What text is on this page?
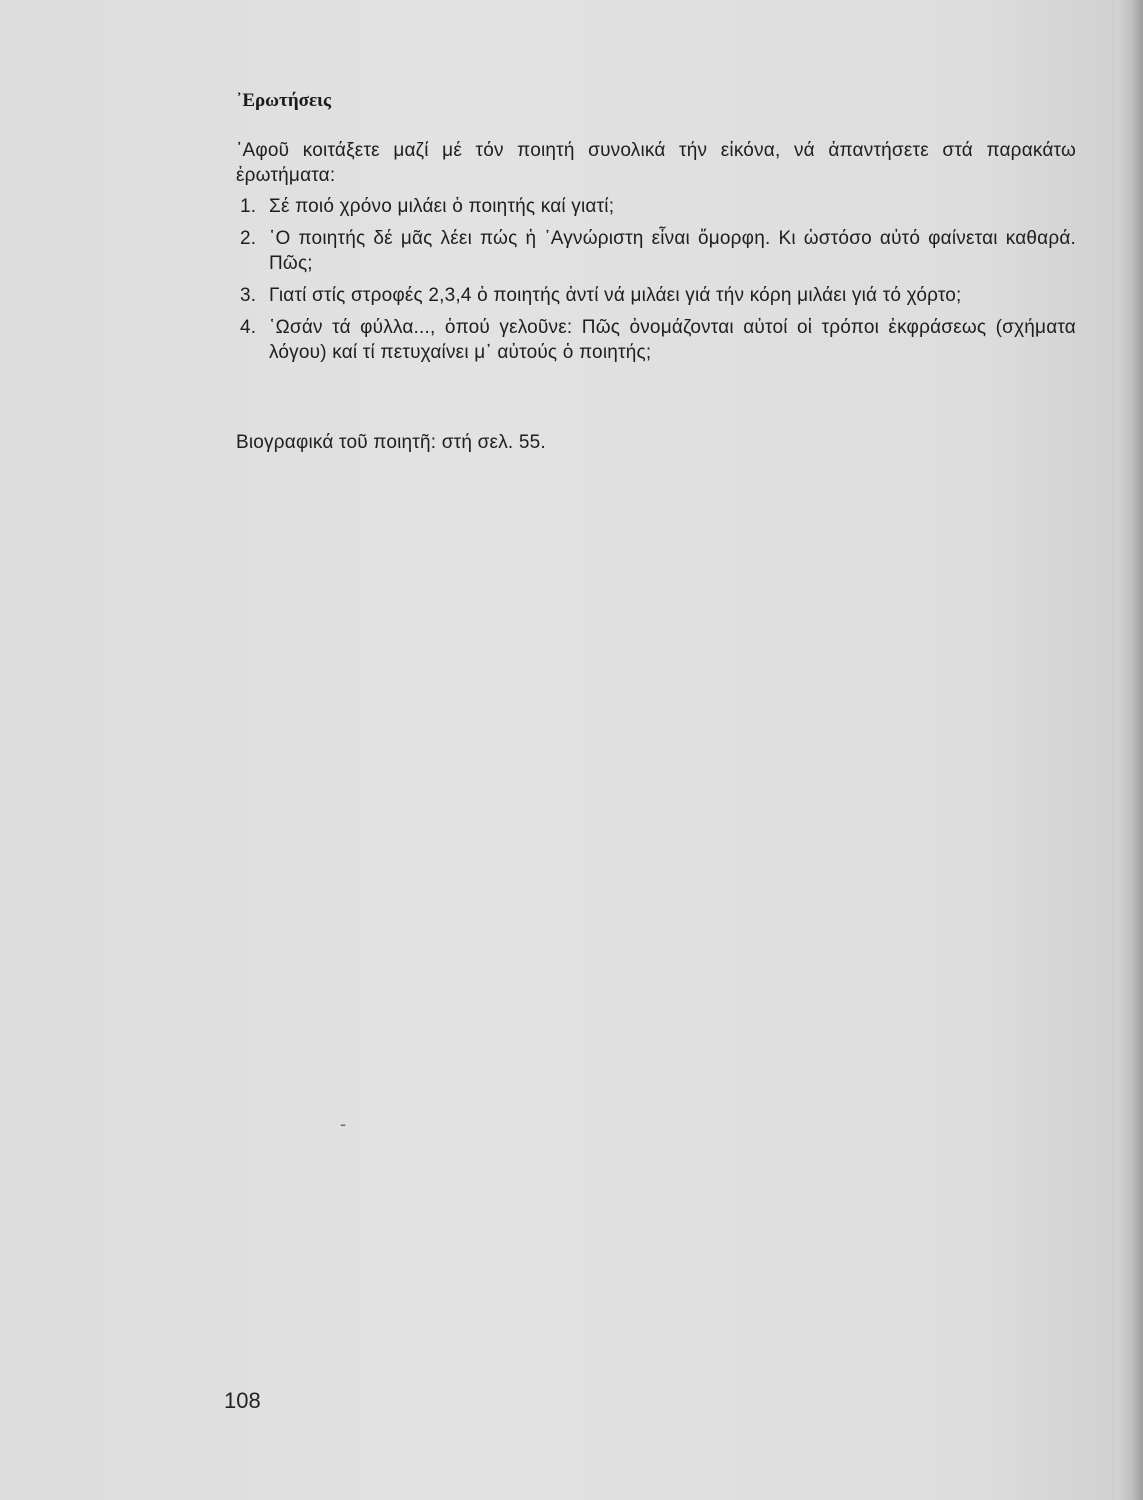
᾿Ερωτήσεις
᾿Αφοῦ κοιτάξετε μαζί μέ τόν ποιητή συνολικά τήν εἰκόνα, νά ἀπαντήσετε στά παρακάτω ἐρωτήματα:
1. Σέ ποιό χρόνο μιλάει ὁ ποιητής καί γιατί;
2. ῾Ο ποιητής δέ μᾶς λέει πώς ἡ ᾿Αγνώριστη εἶναι ὄμορφη. Κι ὡστόσο αὐτό φαίνεται καθαρά. Πῶς;
3. Γιατί στίς στροφές 2,3,4 ὁ ποιητής ἀντί νά μιλάει γιά τήν κόρη μιλάει γιά τό χόρτο;
4. ῾Ωσάν τά φύλλα..., ὁπού γελοῦνε: Πῶς ὀνομάζονται αὐτοί οἱ τρόποι ἐκφράσεως (σχήματα λόγου) καί τί πετυχαίνει μ᾿ αὐτούς ὁ ποιητής;
Βιογραφικά τοῦ ποιητῆ: στή σελ. 55.
-
108
